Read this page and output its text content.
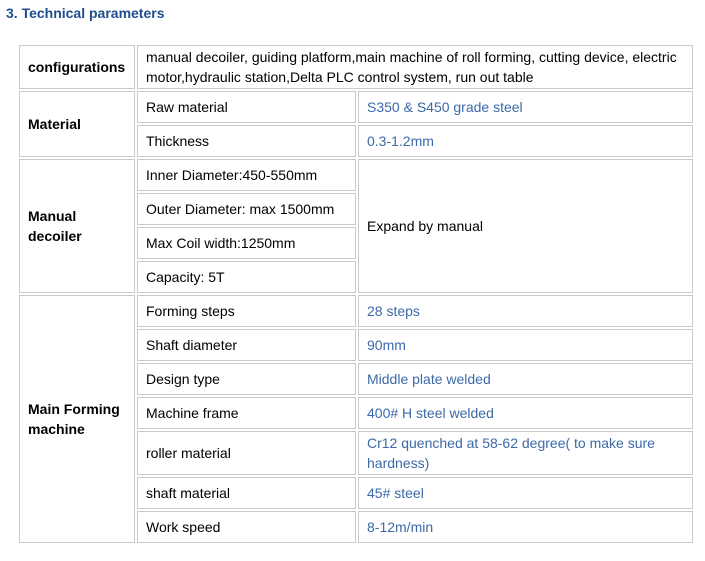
3. Technical parameters
configurations	manual decoiler, guiding platform,main machine of roll forming, cutting device, electric motor,hydraulic station,Delta PLC control system, run out table	
Material	Raw material	S350 & S450 grade steel
	Thickness	0.3-1.2mm
Manual decoiler	Inner Diameter:450-550mm	Expand by manual
	Outer Diameter: max 1500mm	
	Max Coil width:1250mm	
	Capacity: 5T	
Main Forming machine	Forming steps	28 steps
	Shaft diameter	90mm
	Design type	Middle plate welded
	Machine frame	400# H steel welded
	roller material	Cr12 quenched at 58-62 degree( to make sure hardness)
	shaft material	45# steel
	Work speed	8-12m/min
